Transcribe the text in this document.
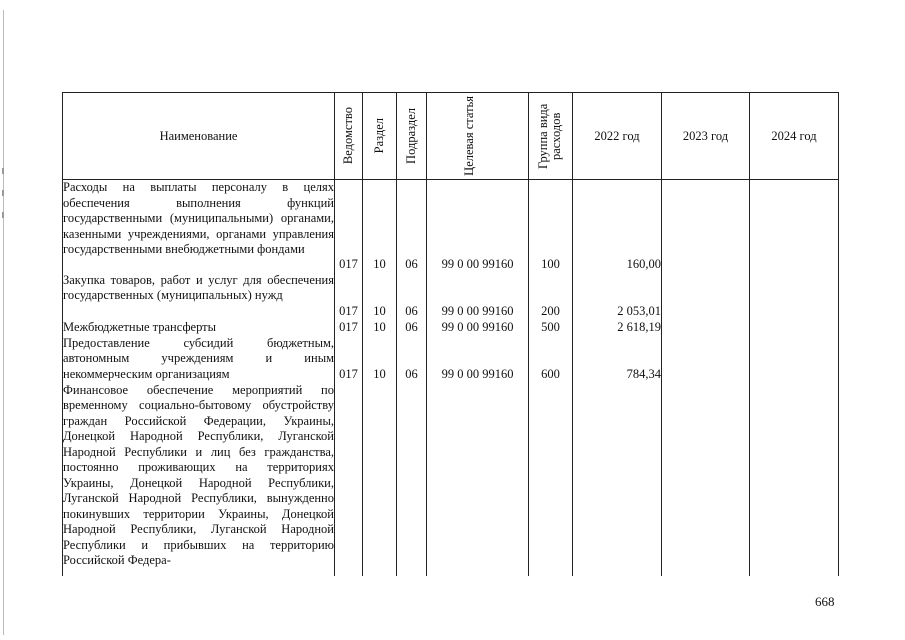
Наименование	Ведомство	Раздел	Подраздел	Целевая статья	Группа вида расходов	2022 год	2023 год	2024 год
Расходы на выплаты персоналу в целях обеспечения выполнения функций государственными (муниципальными) органами, казенными учреждениями, органами управления государственными внебюджетными фондами	017	10	06	99 0 00 99160	100	160,00		
Закупка товаров, работ и услуг для обеспечения государственных (муниципальных) нужд	017	10	06	99 0 00 99160	200	2 053,01		
Межбюджетные трансферты	017	10	06	99 0 00 99160	500	2 618,19		
Предоставление субсидий бюджетным, автономным учреждениям и иным некоммерческим организациям	017	10	06	99 0 00 99160	600	784,34		
Финансовое обеспечение мероприятий по временному социально-бытовому обустройству граждан Российской Федерации, Украины, Донецкой Народной Республики, Луганской Народной Республики и лиц без гражданства, постоянно проживающих на территориях Украины, Донецкой Народной Республики, Луганской Народной Республики, вынужденно покинувших территории Украины, Донецкой Народной Республики, Луганской Народной Республики и прибывших на территорию Российской Федера-								
668
